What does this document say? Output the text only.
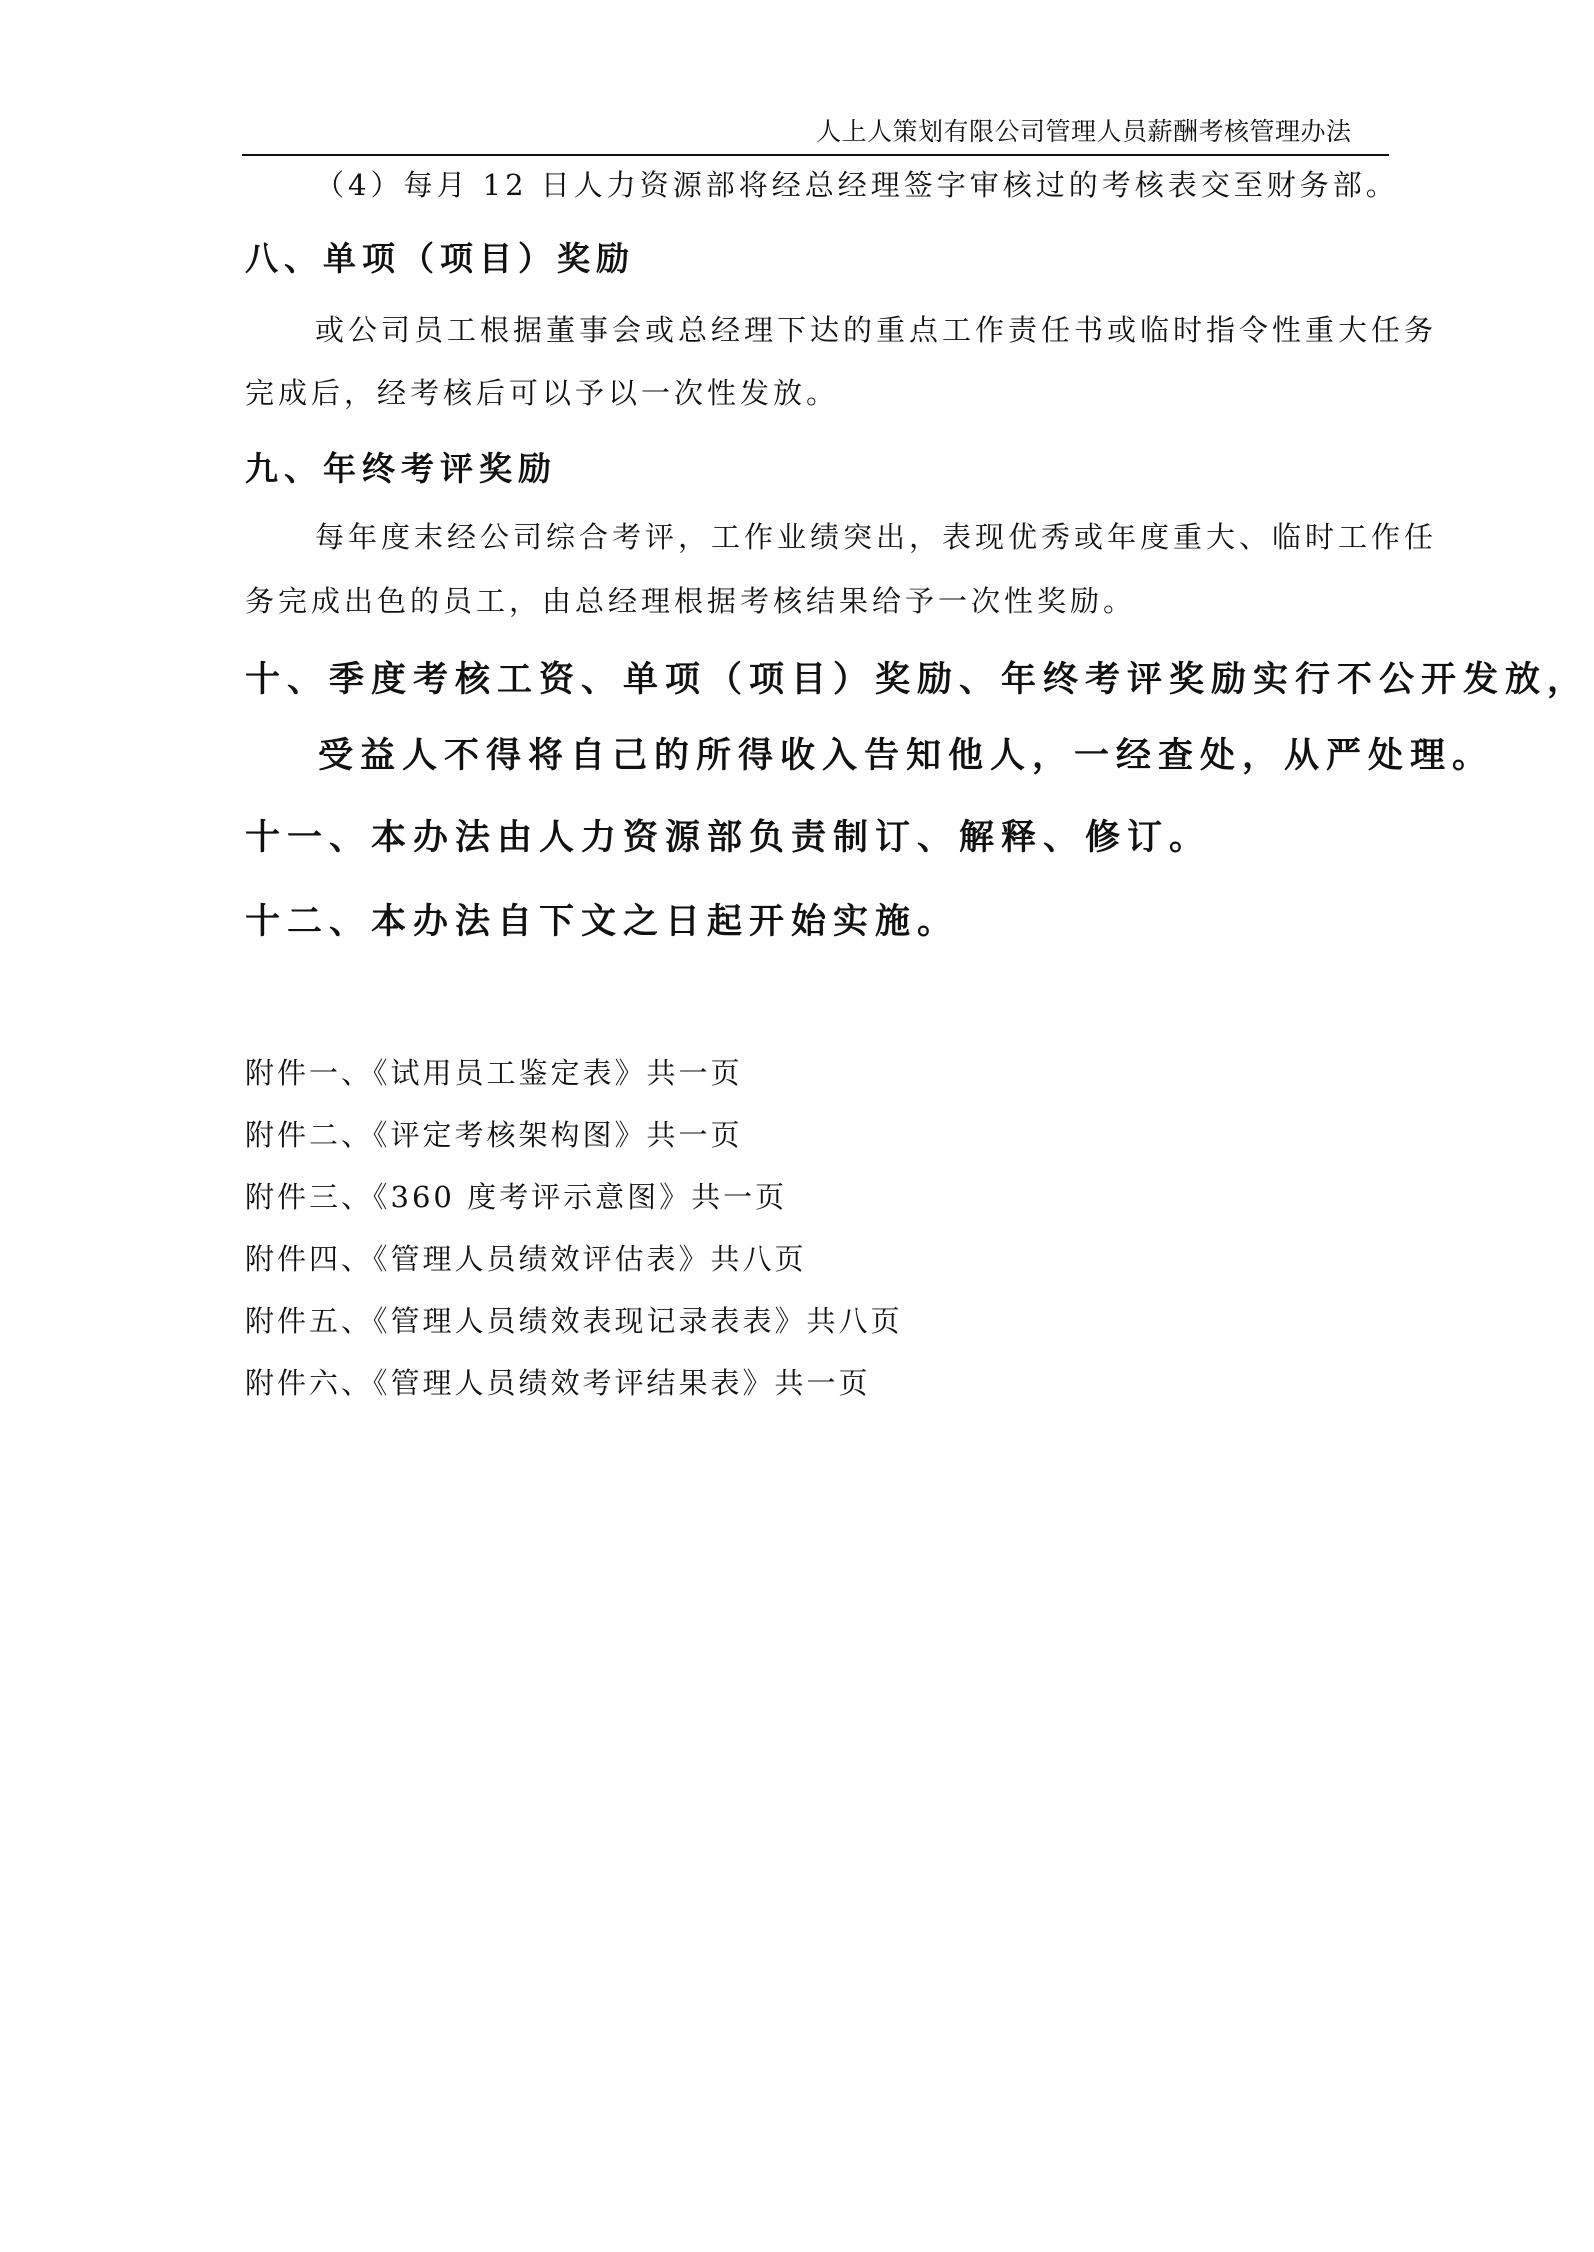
人上人策划有限公司管理人员薪酬考核管理办法
（4）每月 12 日人力资源部将经总经理签字审核过的考核表交至财务部。
八、单项（项目）奖励
或公司员工根据董事会或总经理下达的重点工作责任书或临时指令性重大任务
完成后，经考核后可以予以一次性发放。
九、年终考评奖励
每年度末经公司综合考评，工作业绩突出，表现优秀或年度重大、临时工作任
务完成出色的员工，由总经理根据考核结果给予一次性奖励。
十、季度考核工资、单项（项目）奖励、年终考评奖励实行不公开发放，
受益人不得将自己的所得收入告知他人，一经查处，从严处理。
十一、本办法由人力资源部负责制订、解释、修订。
十二、本办法自下文之日起开始实施。
附件一、《试用员工鉴定表》共一页
附件二、《评定考核架构图》共一页
附件三、《360 度考评示意图》共一页
附件四、《管理人员绩效评估表》共八页
附件五、《管理人员绩效表现记录表表》共八页
附件六、《管理人员绩效考评结果表》共一页
